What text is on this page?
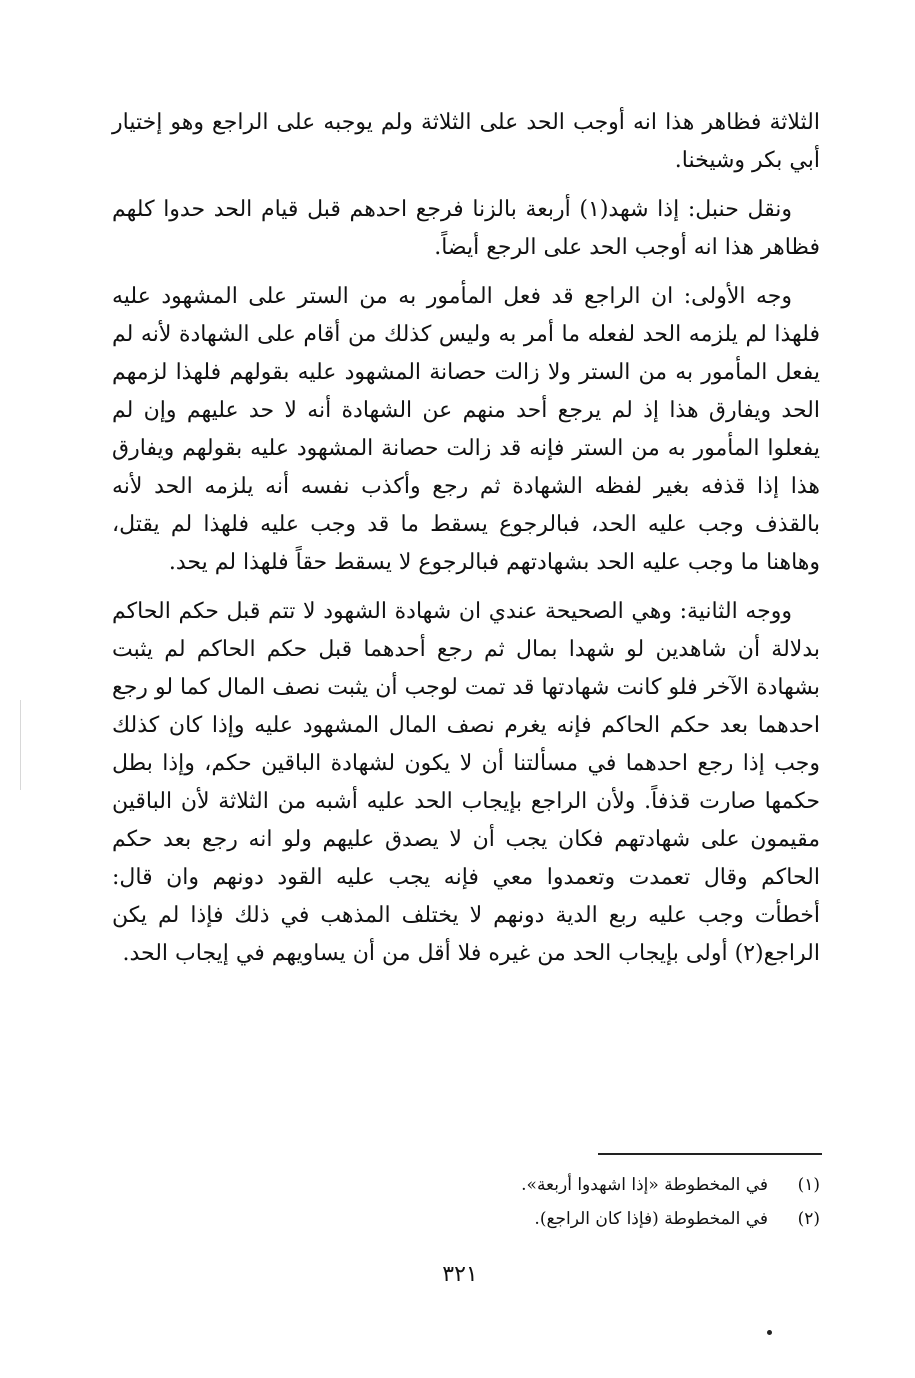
الثلاثة فظاهر هذا انه أوجب الحد على الثلاثة ولم يوجبه على الراجع وهو إختيار أبي بكر وشيخنا.

ونقل حنبل: إذا شهد(١) أربعة بالزنا فرجع احدهم قبل قيام الحد حدوا كلهم فظاهر هذا انه أوجب الحد على الرجع أيضاً.

وجه الأولى: ان الراجع قد فعل المأمور به من الستر على المشهود عليه فلهذا لم يلزمه الحد لفعله ما أمر به وليس كذلك من أقام على الشهادة لأنه لم يفعل المأمور به من الستر ولا زالت حصانة المشهود عليه بقولهم فلهذا لزمهم الحد ويفارق هذا إذ لم يرجع أحد منهم عن الشهادة أنه لا حد عليهم وإن لم يفعلوا المأمور به من الستر فإنه قد زالت حصانة المشهود عليه بقولهم ويفارق هذا إذا قذفه بغير لفظه الشهادة ثم رجع وأكذب نفسه أنه يلزمه الحد لأنه بالقذف وجب عليه الحد، فبالرجوع يسقط ما قد وجب عليه فلهذا لم يقتل، وهاهنا ما وجب عليه الحد بشهادتهم فبالرجوع لا يسقط حقاً فلهذا لم يحد.

ووجه الثانية: وهي الصحيحة عندي ان شهادة الشهود لا تتم قبل حكم الحاكم بدلالة أن شاهدين لو شهدا بمال ثم رجع أحدهما قبل حكم الحاكم لم يثبت بشهادة الآخر فلو كانت شهادتها قد تمت لوجب أن يثبت نصف المال كما لو رجع احدهما بعد حكم الحاكم فإنه يغرم نصف المال المشهود عليه وإذا كان كذلك وجب إذا رجع احدهما في مسألتنا أن لا يكون لشهادة الباقين حكم، وإذا بطل حكمها صارت قذفاً. ولأن الراجع بإيجاب الحد عليه أشبه من الثلاثة لأن الباقين مقيمون على شهادتهم فكان يجب أن لا يصدق عليهم ولو انه رجع بعد حكم الحاكم وقال تعمدت وتعمدوا معي فإنه يجب عليه القود دونهم وان قال: أخطأت وجب عليه ربع الدية دونهم لا يختلف المذهب في ذلك فإذا لم يكن الراجع(٢) أولى بإيجاب الحد من غيره فلا أقل من أن يساويهم في إيجاب الحد.

(١)في المخطوطة «إذا اشهدوا أربعة».
(٢)في المخطوطة (فإذا كان الراجع).
٣٢١
